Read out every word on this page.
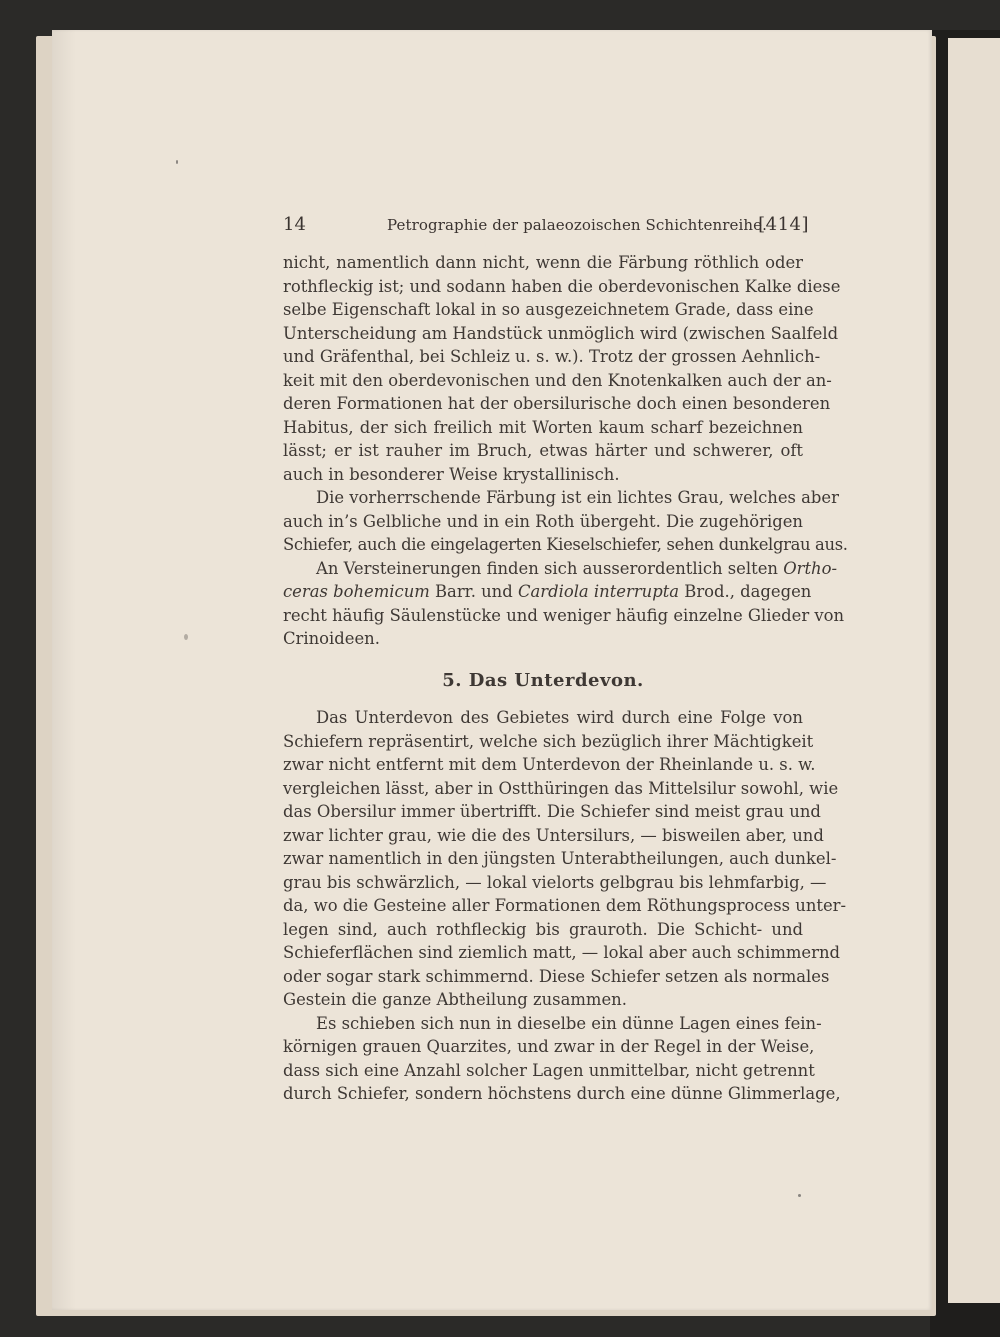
14	Petrographie der palaeozoischen Schichtenreihe.
[414]

nicht, namentlich dann nicht, wenn die Färbung röthlich oder
rothfleckig ist; und sodann haben die oberdevonischen Kalke diese
selbe Eigenschaft lokal in so ausgezeichnetem Grade, dass eine
Unterscheidung am Handstück unmöglich wird (zwischen Saalfeld
und Gräfenthal, bei Schleiz u. s. w.). Trotz der grossen Aehnlich-
keit mit den oberdevonischen und den Knotenkalken auch der an-
deren Formationen hat der obersilurische doch einen besonderen
Habitus, der sich freilich mit Worten kaum scharf bezeichnen
lässt; er ist rauher im Bruch, etwas härter und schwerer, oft
auch in besonderer Weise krystallinisch.

Die vorherrschende Färbung ist ein lichtes Grau, welches aber
auch in’s Gelbliche und in ein Roth übergeht. Die zugehörigen
Schiefer, auch die eingelagerten Kieselschiefer, sehen dunkelgrau aus.

An Versteinerungen finden sich ausserordentlich selten Ortho-
ceras bohemicum Barr. und Cardiola interrupta Brod., dagegen
recht häufig Säulenstücke und weniger häufig einzelne Glieder von
Crinoideen.

5. Das Unterdevon.

Das Unterdevon des Gebietes wird durch eine Folge von
Schiefern repräsentirt, welche sich bezüglich ihrer Mächtigkeit
zwar nicht entfernt mit dem Unterdevon der Rheinlande u. s. w.
vergleichen lässt, aber in Ostthüringen das Mittelsilur sowohl, wie
das Obersilur immer übertrifft. Die Schiefer sind meist grau und
zwar lichter grau, wie die des Untersilurs, — bisweilen aber, und
zwar namentlich in den jüngsten Unterabtheilungen, auch dunkel-
grau bis schwärzlich, — lokal vielorts gelbgrau bis lehmfarbig, —
da, wo die Gesteine aller Formationen dem Röthungsprocess unter-
legen sind, auch rothfleckig bis grauroth. Die Schicht- und
Schieferflächen sind ziemlich matt, — lokal aber auch schimmernd
oder sogar stark schimmernd. Diese Schiefer setzen als normales
Gestein die ganze Abtheilung zusammen.

Es schieben sich nun in dieselbe ein dünne Lagen eines fein-
körnigen grauen Quarzites, und zwar in der Regel in der Weise,
dass sich eine Anzahl solcher Lagen unmittelbar, nicht getrennt
durch Schiefer, sondern höchstens durch eine dünne Glimmerlage,
